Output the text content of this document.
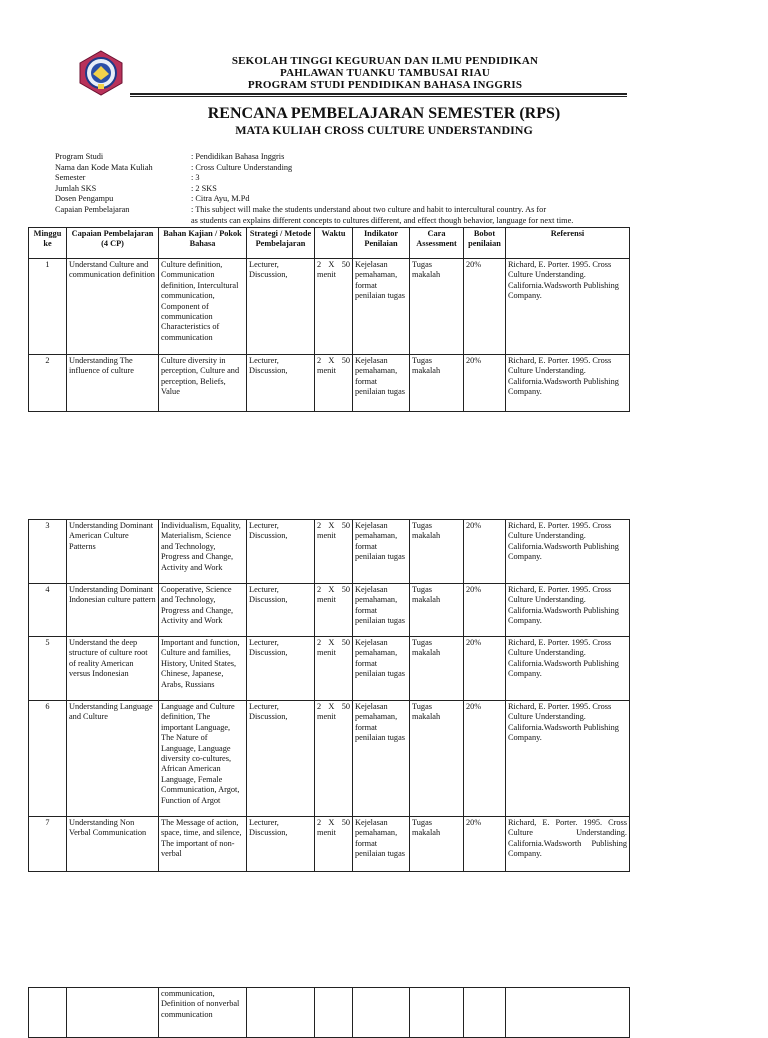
SEKOLAH TINGGI KEGURUAN DAN ILMU PENDIDIKAN
PAHLAWAN TUANKU TAMBUSAI RIAU
PROGRAM STUDI PENDIDIKAN BAHASA INGGRIS
RENCANA PEMBELAJARAN SEMESTER (RPS)
MATA KULIAH CROSS CULTURE UNDERSTANDING
Program Studi	: Pendidikan Bahasa Inggris
Nama dan Kode Mata Kuliah	: Cross Culture Understanding
Semester	: 3
Jumlah SKS	: 2 SKS
Dosen Pengampu	: Citra Ayu, M.Pd
Capaian Pembelajaran	: This subject will make the students understand about two culture and habit to intercultural country. As for
as students can explains different concepts to cultures different, and effect though behavior, language for next time.
Minggu ke	Capaian Pembelajaran (4 CP)	Bahan Kajian / Pokok Bahasa	Strategi / Metode Pembelajaran	Waktu	Indikator Penilaian	Cara Assessment	Bobot penilaian	Referensi
1	Understand Culture and communication definition	Culture definition, Communication definition, Intercultural communication, Component of communication Characteristics of communication	Lecturer, Discussion,	2 X 50 menit	Kejelasan pemahaman, format penilaian tugas	Tugas makalah	20%	Richard, E. Porter. 1995. Cross Culture Understanding. California.Wadsworth Publishing Company.
2	Understanding The influence of culture	Culture diversity in perception, Culture and perception, Beliefs, Value	Lecturer, Discussion,	2 X 50 menit	Kejelasan pemahaman, format penilaian tugas	Tugas makalah	20%	Richard, E. Porter. 1995. Cross Culture Understanding. California.Wadsworth Publishing Company.
3	Understanding Dominant American Culture Patterns	Individualism, Equality, Materialism, Science and Technology, Progress and Change, Activity and Work	Lecturer, Discussion,	2 X 50 menit	Kejelasan pemahaman, format penilaian tugas	Tugas makalah	20%	Richard, E. Porter. 1995. Cross Culture Understanding. California.Wadsworth Publishing Company.
4	Understanding Dominant Indonesian culture pattern	Cooperative, Science and Technology, Progress and Change, Activity and Work	Lecturer, Discussion,	2 X 50 menit	Kejelasan pemahaman, format penilaian tugas	Tugas makalah	20%	Richard, E. Porter. 1995. Cross Culture Understanding. California.Wadsworth Publishing Company.
5	Understand the deep structure of culture root of reality American versus Indonesian	Important and function, Culture and families, History, United States, Chinese, Japanese, Arabs, Russians	Lecturer, Discussion,	2 X 50 menit	Kejelasan pemahaman, format penilaian tugas	Tugas makalah	20%	Richard, E. Porter. 1995. Cross Culture Understanding. California.Wadsworth Publishing Company.
6	Understanding Language and Culture	Language and Culture definition, The important Language, The Nature of Language, Language diversity co-cultures, African American Language, Female Communication, Argot, Function of Argot	Lecturer, Discussion,	2 X 50 menit	Kejelasan pemahaman, format penilaian tugas	Tugas makalah	20%	Richard, E. Porter. 1995. Cross Culture Understanding. California.Wadsworth Publishing Company.
7	Understanding Non Verbal Communication	The Message of action, space, time, and silence, The important of non-verbal	Lecturer, Discussion,	2 X 50 menit	Kejelasan pemahaman, format penilaian tugas	Tugas makalah	20%	Richard, E. Porter. 1995. Cross Culture Understanding. California.Wadsworth Publishing Company.
		communication, Definition of nonverbal communication						
